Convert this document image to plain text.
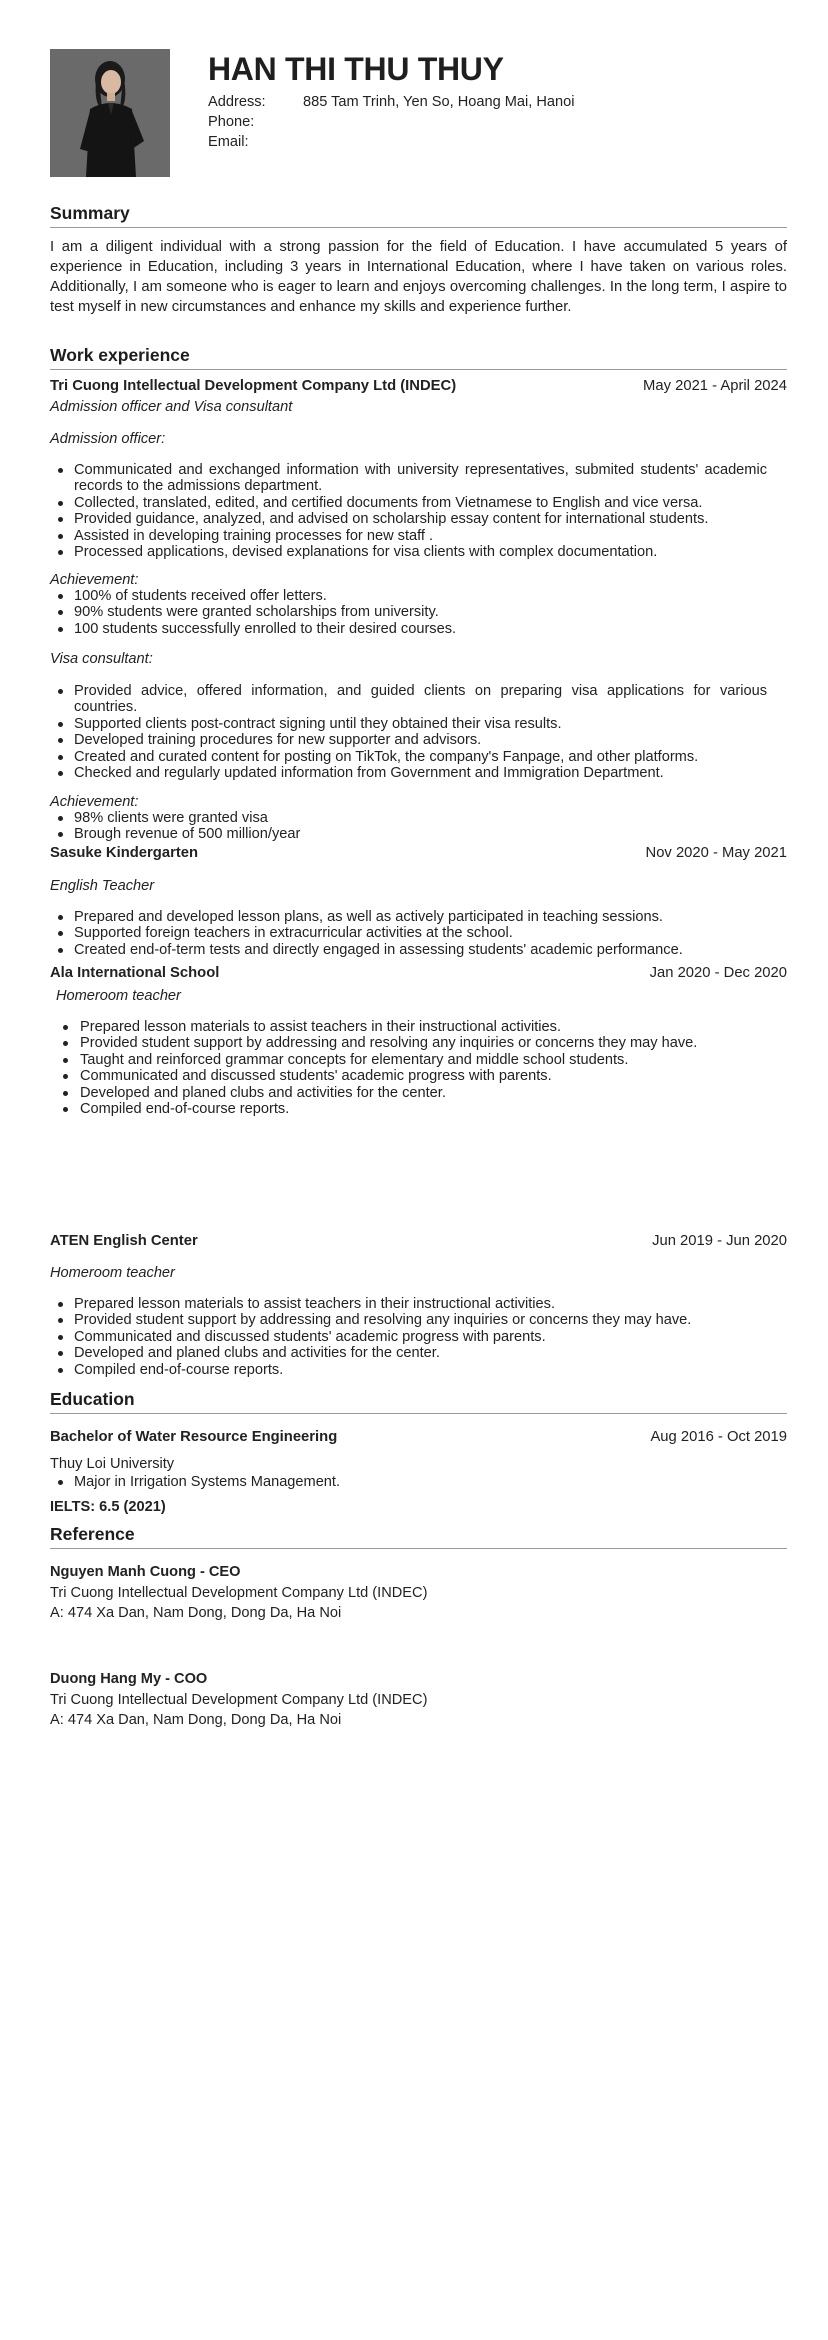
HAN THI THU THUY
Address:	885 Tam Trinh, Yen So, Hoang Mai, Hanoi
Phone:
Email:
Summary
I am a diligent individual with a strong passion for the field of Education. I have accumulated 5 years of experience in Education, including 3 years in International Education, where I have taken on various roles. Additionally, I am someone who is eager to learn and enjoys overcoming challenges. In the long term, I aspire to test myself in new circumstances and enhance my skills and experience further.
Work experience
Tri Cuong Intellectual Development Company Ltd (INDEC)	May 2021 - April 2024
Admission officer and Visa consultant
Admission officer:
Communicated and exchanged information with university representatives, submited students' academic records to the admissions department.
Collected, translated, edited, and certified documents from Vietnamese to English and vice versa.
Provided guidance, analyzed, and advised on scholarship essay content for international students.
Assisted in developing training processes for new staff .
Processed applications, devised explanations for visa clients with complex documentation.
Achievement:
100% of students received offer letters.
90% students were granted scholarships from university.
100 students successfully enrolled to their desired courses.
Visa consultant:
Provided advice, offered information, and guided clients on preparing visa applications for various countries.
Supported clients post-contract signing until they obtained their visa results.
Developed training procedures for new supporter and advisors.
Created and curated content for posting on TikTok, the company's Fanpage, and other platforms.
Checked and regularly updated information from Government and Immigration Department.
Achievement:
98% clients were granted visa
Brough revenue of 500 million/year
Sasuke Kindergarten	Nov 2020 - May 2021
English Teacher
Prepared and developed lesson plans, as well as actively participated in teaching sessions.
Supported foreign teachers in extracurricular activities at the school.
Created end-of-term tests and directly engaged in assessing students' academic performance.
Ala International School	Jan 2020 - Dec 2020
Homeroom teacher
Prepared lesson materials to assist teachers in their instructional activities.
Provided student support by addressing and resolving any inquiries or concerns they may have.
Taught and reinforced grammar concepts for elementary and middle school students.
Communicated and discussed students' academic progress with parents.
Developed and planed clubs and activities for the center.
Compiled end-of-course reports.
ATEN English Center	Jun 2019 - Jun 2020
Homeroom teacher
Prepared lesson materials to assist teachers in their instructional activities.
Provided student support by addressing and resolving any inquiries or concerns they may have.
Communicated and discussed students' academic progress with parents.
Developed and planed clubs and activities for the center.
Compiled end-of-course reports.
Education
Bachelor of Water Resource Engineering	Aug 2016 - Oct 2019
Thuy Loi University
Major in Irrigation Systems Management.
IELTS: 6.5 (2021)
Reference
Nguyen Manh Cuong - CEO
Tri Cuong Intellectual Development Company Ltd (INDEC)
A: 474 Xa Dan, Nam Dong, Dong Da, Ha Noi
Duong Hang My - COO
Tri Cuong Intellectual Development Company Ltd (INDEC)
A: 474 Xa Dan, Nam Dong, Dong Da, Ha Noi
